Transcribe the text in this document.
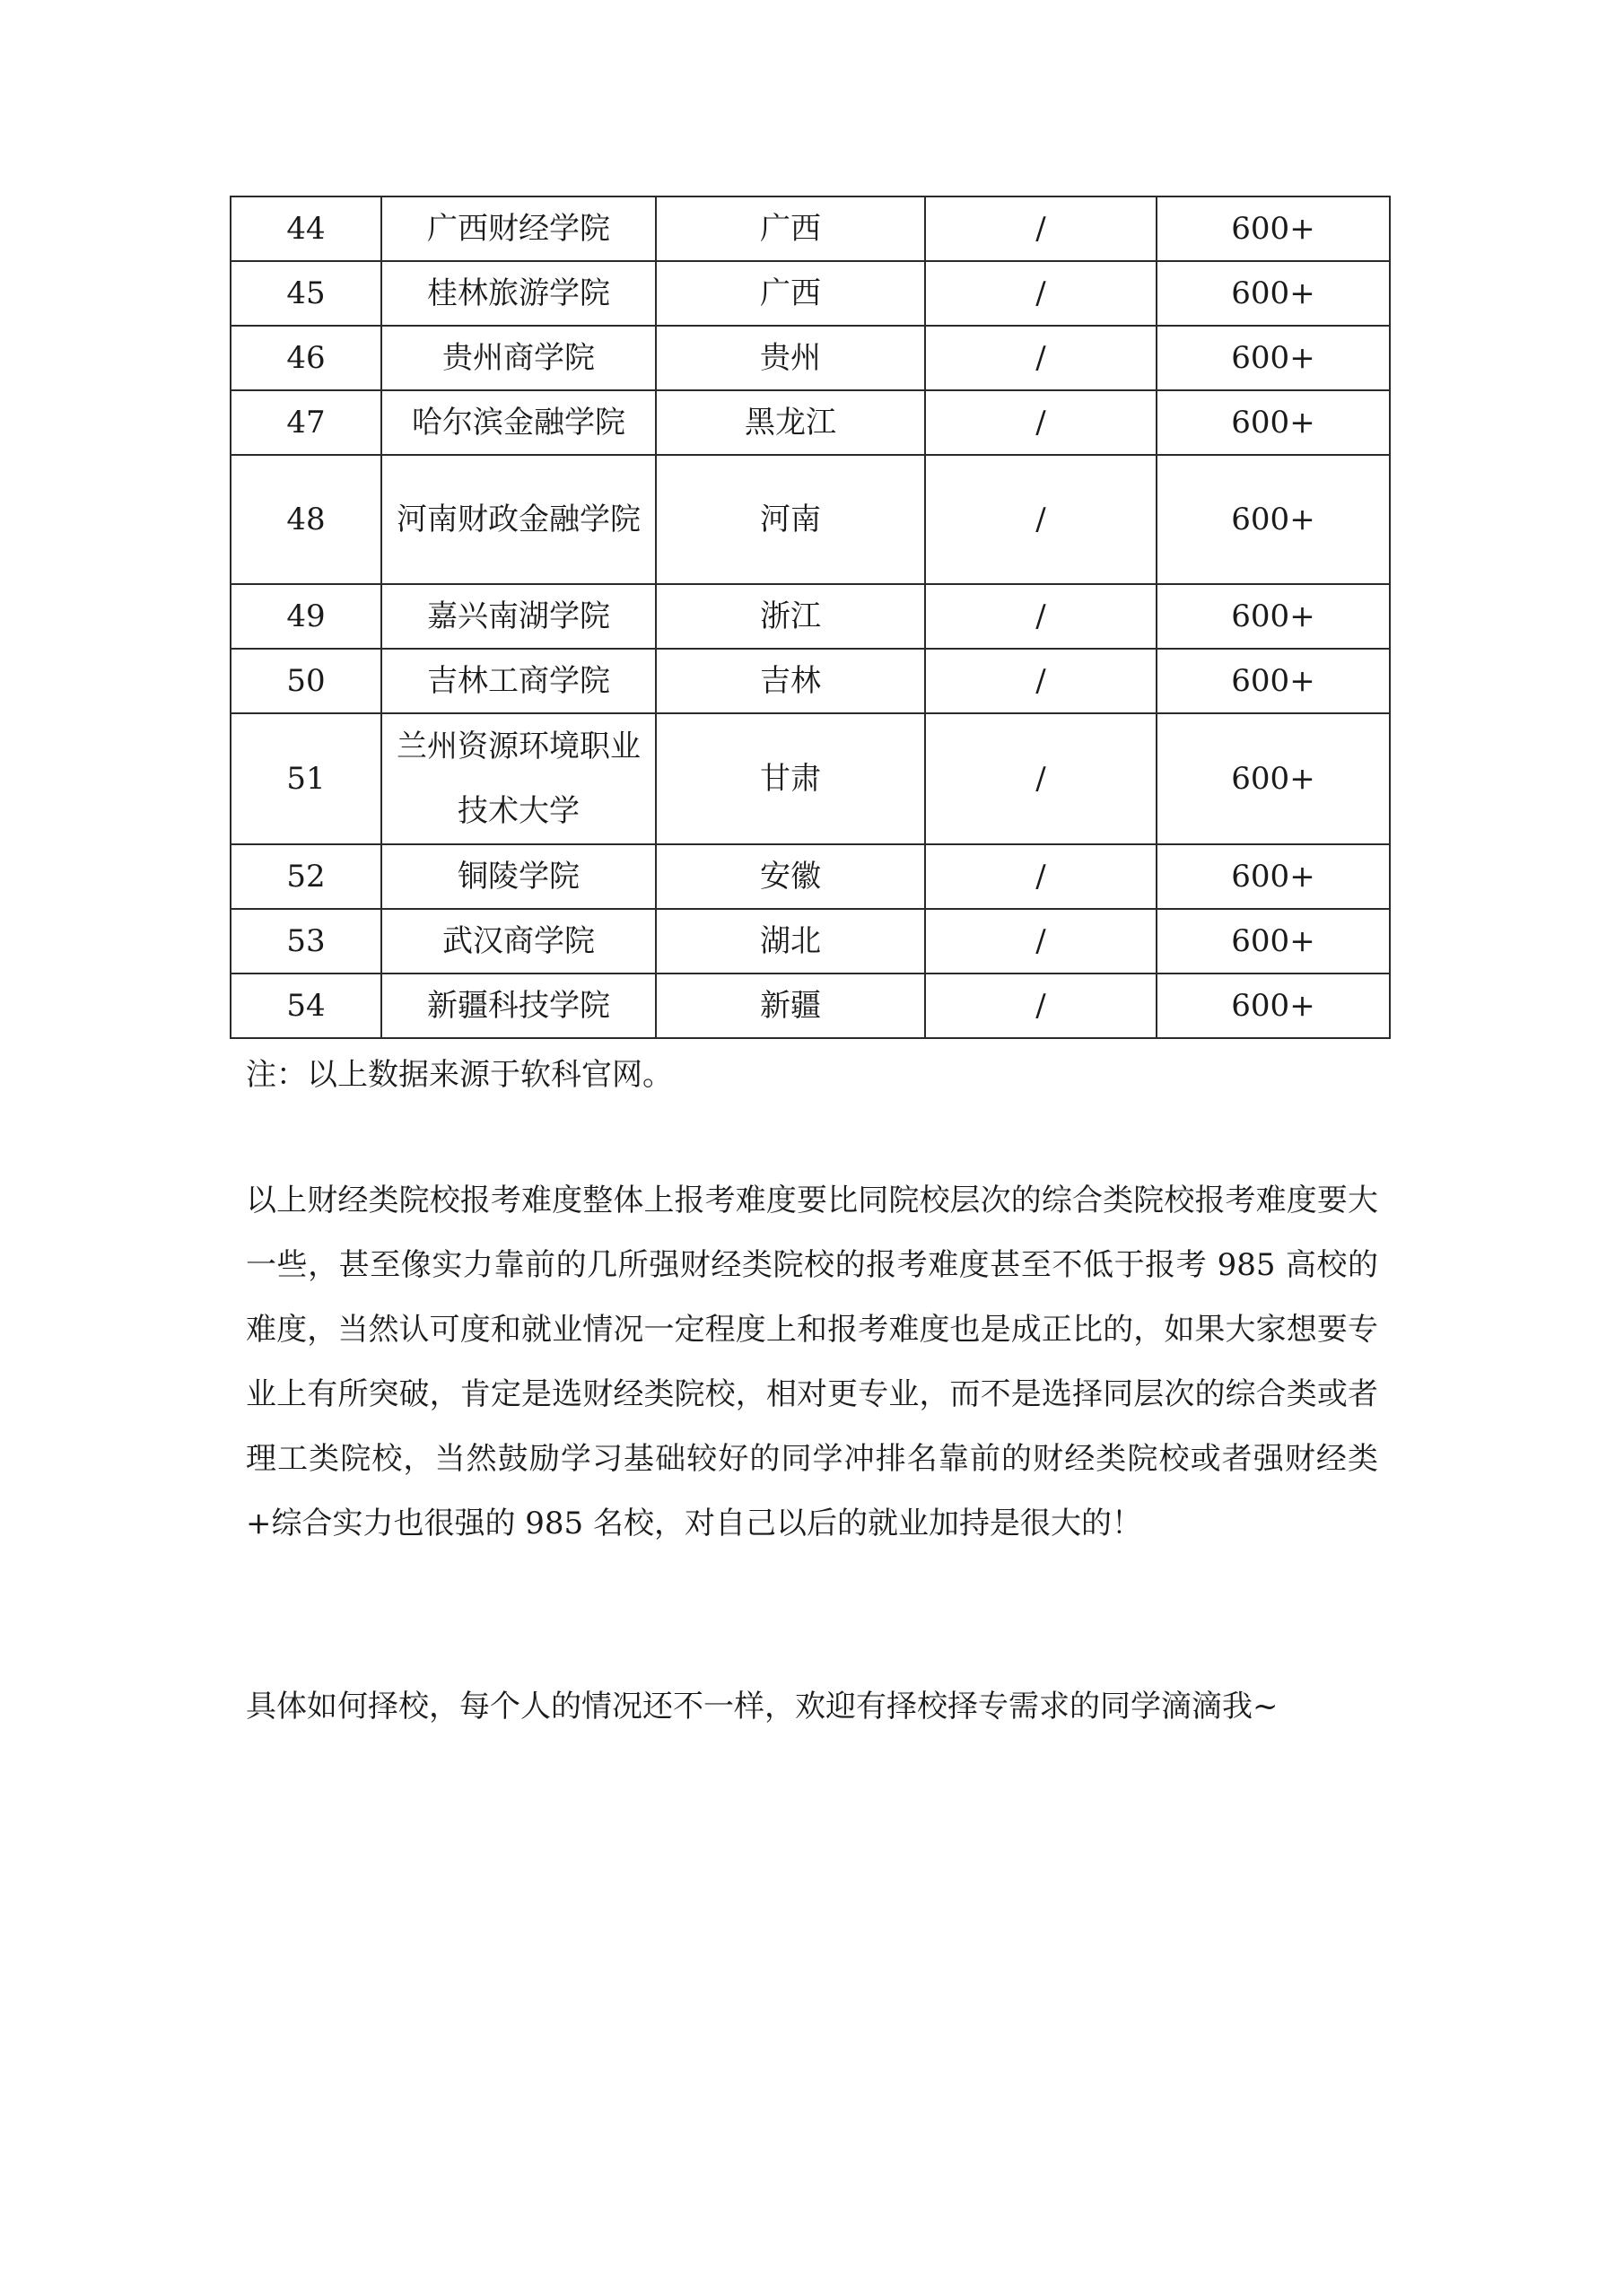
44	广西财经学院	广西	/	600+
45	桂林旅游学院	广西	/	600+
46	贵州商学院	贵州	/	600+
47	哈尔滨金融学院	黑龙江	/	600+
48	河南财政金融学院	河南	/	600+
49	嘉兴南湖学院	浙江	/	600+
50	吉林工商学院	吉林	/	600+
51	兰州资源环境职业技术大学	甘肃	/	600+
52	铜陵学院	安徽	/	600+
53	武汉商学院	湖北	/	600+
54	新疆科技学院	新疆	/	600+

注：以上数据来源于软科官网。

以上财经类院校报考难度整体上报考难度要比同院校层次的综合类院校报考难度要大一些，甚至像实力靠前的几所强财经类院校的报考难度甚至不低于报考 985 高校的难度，当然认可度和就业情况一定程度上和报考难度也是成正比的，如果大家想要专业上有所突破，肯定是选财经类院校，相对更专业，而不是选择同层次的综合类或者理工类院校，当然鼓励学习基础较好的同学冲排名靠前的财经类院校或者强财经类+综合实力也很强的 985 名校，对自己以后的就业加持是很大的！

具体如何择校，每个人的情况还不一样，欢迎有择校择专需求的同学滴滴我~
